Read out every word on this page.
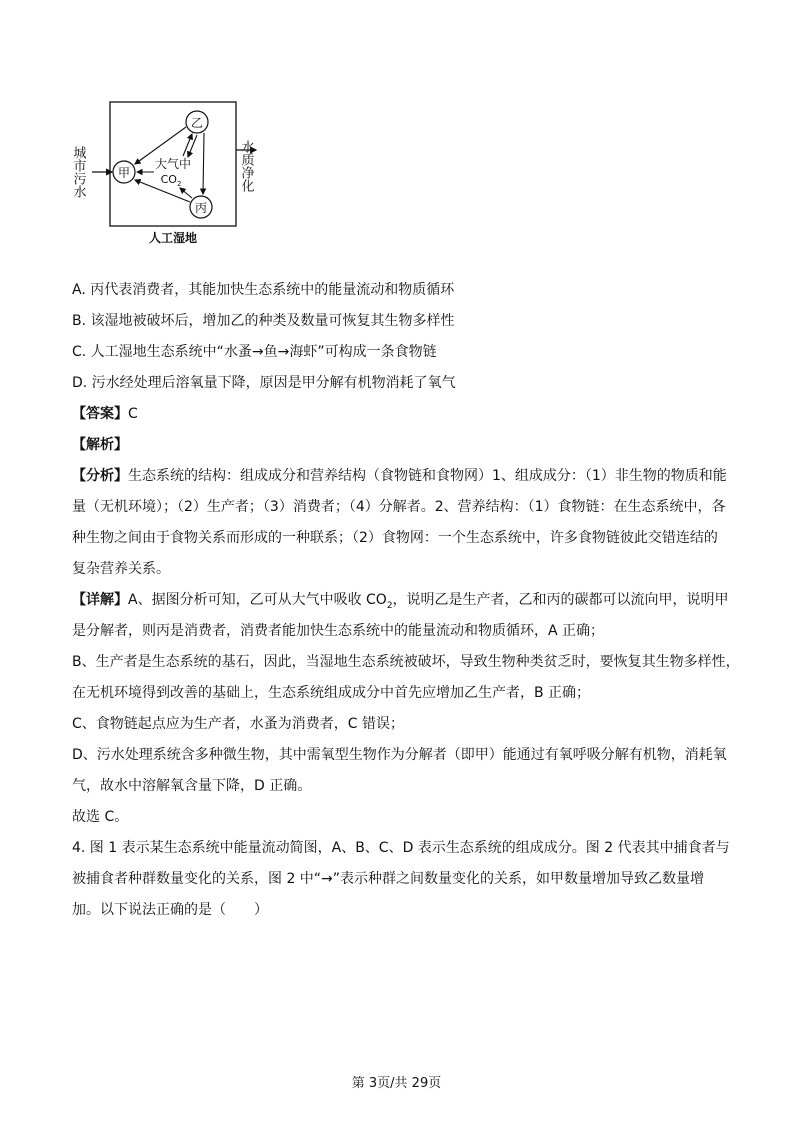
城市污水	水质净化
甲
乙
丙
大气中
$CO_2$
人工湿地
A. 丙代表消费者，其能加快生态系统中的能量流动和物质循环
B. 该湿地被破坏后，增加乙的种类及数量可恢复其生物多样性
C. 人工湿地生态系统中“水蚤→鱼→海虾”可构成一条食物链
D. 污水经处理后溶氧量下降，原因是甲分解有机物消耗了氧气
【答案】C
【解析】
【分析】生态系统的结构：组成成分和营养结构（食物链和食物网）1、组成成分：（1）非生物的物质和能
量（无机环境）；（2）生产者；（3）消费者；（4）分解者。2、营养结构：（1）食物链：在生态系统中，各
种生物之间由于食物关系而形成的一种联系；（2）食物网：一个生态系统中，许多食物链彼此交错连结的
复杂营养关系。
【详解】A、据图分析可知，乙可从大气中吸收 $CO_2$，说明乙是生产者，乙和丙的碳都可以流向甲，说明甲
是分解者，则丙是消费者，消费者能加快生态系统中的能量流动和物质循环，A 正确；
B、生产者是生态系统的基石，因此，当湿地生态系统被破坏，导致生物种类贫乏时，要恢复其生物多样性，
在无机环境得到改善的基础上，生态系统组成成分中首先应增加乙生产者，B 正确；
C、食物链起点应为生产者，水蚤为消费者，C 错误；
D、污水处理系统含多种微生物，其中需氧型生物作为分解者（即甲）能通过有氧呼吸分解有机物，消耗氧
气，故水中溶解氧含量下降，D 正确。
故选 C。
4. 图 1 表示某生态系统中能量流动简图，A、B、C、D 表示生态系统的组成成分。图 2 代表其中捕食者与
被捕食者种群数量变化的关系，图 2 中“→”表示种群之间数量变化的关系，如甲数量增加导致乙数量增
加。以下说法正确的是（　　）
第 3页/共 29页
